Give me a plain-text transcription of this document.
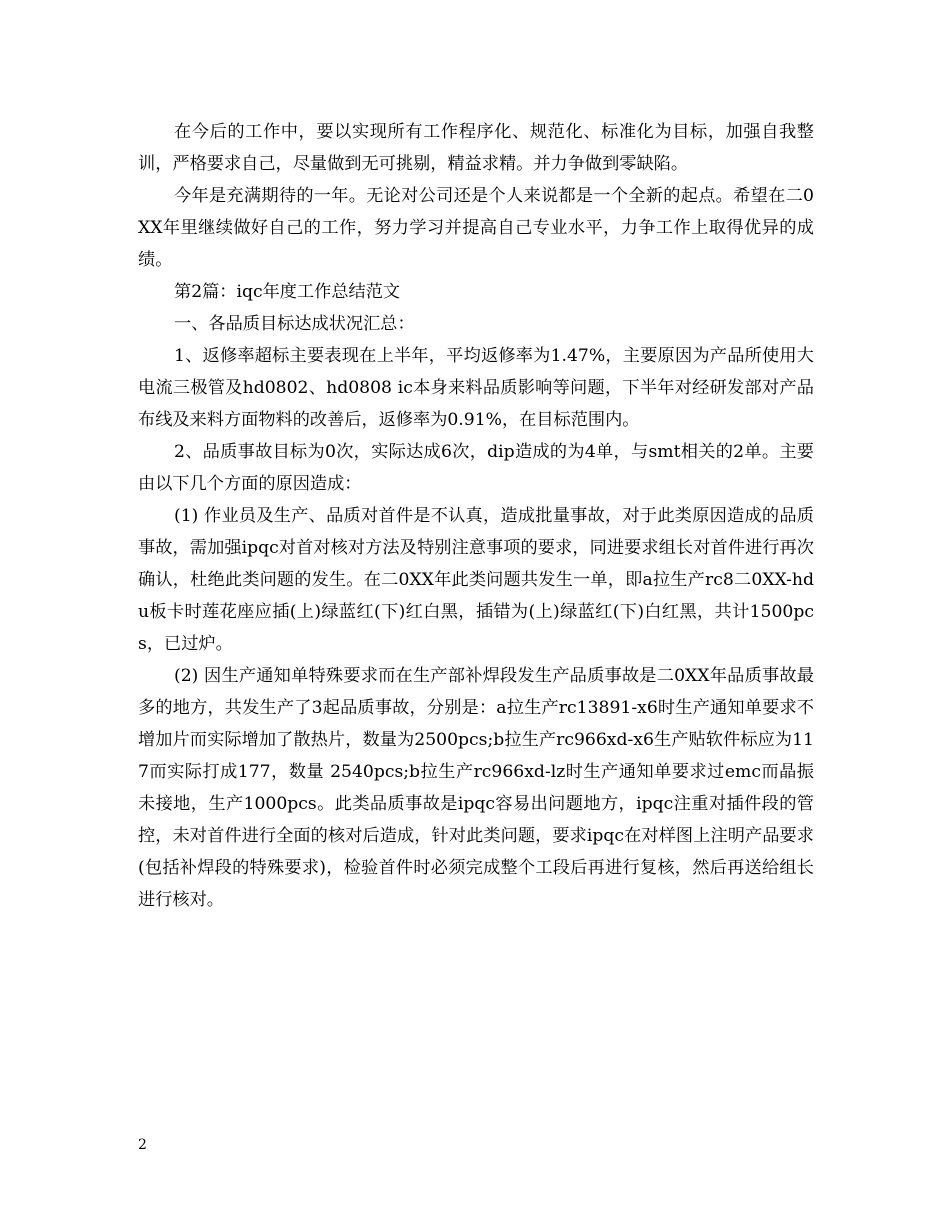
在今后的工作中，要以实现所有工作程序化、规范化、标准化为目标，加强自我整训，严格要求自己，尽量做到无可挑剔，精益求精。并力争做到零缺陷。

今年是充满期待的一年。无论对公司还是个人来说都是一个全新的起点。希望在二0XX年里继续做好自己的工作，努力学习并提高自己专业水平，力争工作上取得优异的成绩。

第2篇：iqc年度工作总结范文

一、各品质目标达成状况汇总：

1、返修率超标主要表现在上半年，平均返修率为1.47%，主要原因为产品所使用大电流三极管及hd0802、hd0808 ic本身来料品质影响等问题，下半年对经研发部对产品布线及来料方面物料的改善后，返修率为0.91%，在目标范围内。

2、品质事故目标为0次，实际达成6次，dip造成的为4单，与smt相关的2单。主要由以下几个方面的原因造成：

(1) 作业员及生产、品质对首件是不认真，造成批量事故，对于此类原因造成的品质事故，需加强ipqc对首对核对方法及特别注意事项的要求，同进要求组长对首件进行再次确认，杜绝此类问题的发生。在二0XX年此类问题共发生一单，即a拉生产rc8二0XX-hdu板卡时莲花座应插(上)绿蓝红(下)红白黑，插错为(上)绿蓝红(下)白红黑，共计1500pcs，已过炉。

(2) 因生产通知单特殊要求而在生产部补焊段发生产品质事故是二0XX年品质事故最多的地方，共发生产了3起品质事故，分别是：a拉生产rc13891-x6时生产通知单要求不增加片而实际增加了散热片，数量为2500pcs;b拉生产rc966xd-x6生产贴软件标应为117而实际打成177，数量 2540pcs;b拉生产rc966xd-lz时生产通知单要求过emc而晶振未接地，生产1000pcs。此类品质事故是ipqc容易出问题地方，ipqc注重对插件段的管控，未对首件进行全面的核对后造成，针对此类问题，要求ipqc在对样图上注明产品要求(包括补焊段的特殊要求)，检验首件时必须完成整个工段后再进行复核，然后再送给组长进行核对。

2
